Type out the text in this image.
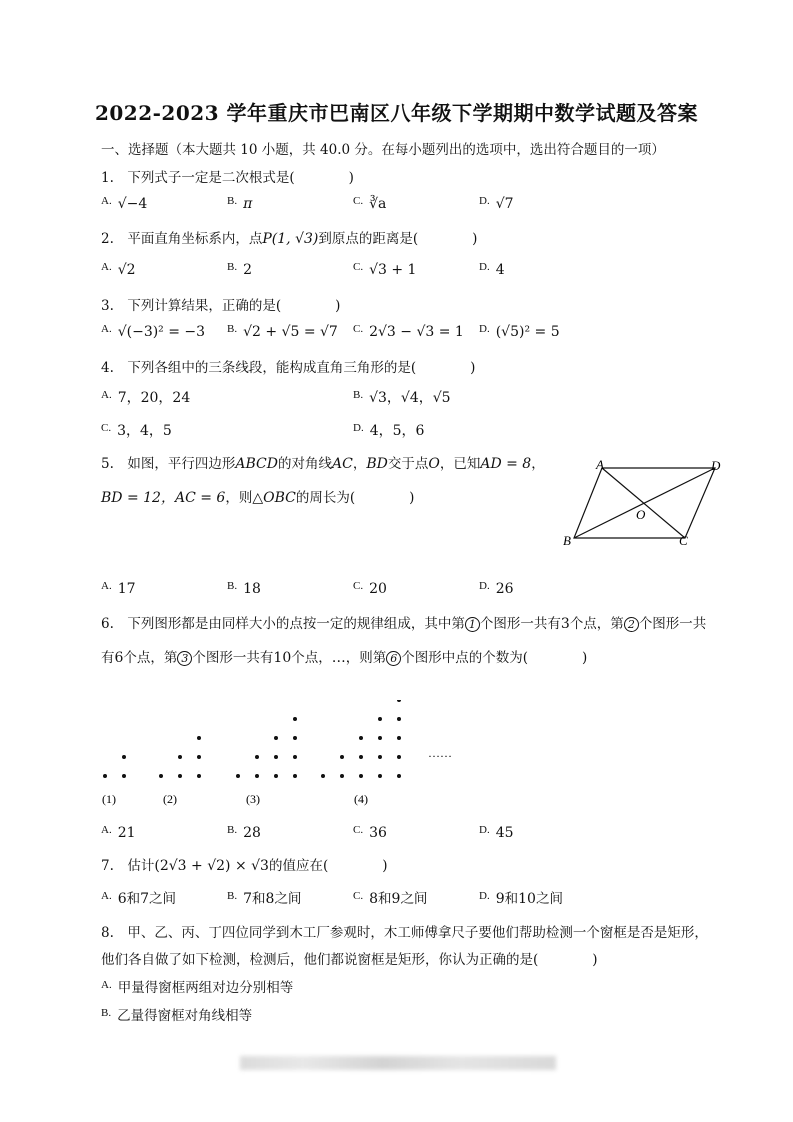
2022-2023 学年重庆市巴南区八年级下学期期中数学试题及答案
一、选择题（本大题共 10 小题，共 40.0 分。在每小题列出的选项中，选出符合题目的一项）
1.　下列式子一定是二次根式是(　　　　)
$^{A.}$ √−4	$^{B.}$ π	$^{C.}$ ∛a	$^{D.}$ √7
2.　平面直角坐标系内，点P(1, √3)到原点的距离是(　　　　)
$^{A.}$ √2	$^{B.}$ 2	$^{C.}$ √3 + 1	$^{D.}$ 4
3.　下列计算结果，正确的是(　　　　)
$^{A.}$ √(−3)² = −3 $^{B.}$ √2 + √5 = √7 $^{C.}$ 2√3 − √3 = 1 $^{D.}$ (√5)² = 5
4.　下列各组中的三条线段，能构成直角三角形的是(　　　　)
$^{A.}$ 7，20，24	$^{B.}$ √3，√4，√5
$^{C.}$ 3，4，5	$^{D.}$ 4，5，6
5.　如图，平行四边形ABCD的对角线AC，BD交于点O，已知AD = 8，
BD = 12，AC = 6，则△OBC的周长为(　　　　)
A	D
B	C
O
$^{A.}$ 17	$^{B.}$ 18	$^{C.}$ 20	$^{D.}$ 26
6.　下列图形都是由同样大小的点按一定的规律组成，其中第 1 个图形一共有3个点，第 2 个图形一共
有6个点，第 3 个图形一共有10个点，…，则第 6 个图形中点的个数为(　　　　)
(1)	(2)	(3)	(4)
……
$^{A.}$ 21	$^{B.}$ 28	$^{C.}$ 36	$^{D.}$ 45
7.　估计(2√3 + √2) × √3的值应在(　　　　)
$^{A.}$ 6和7之间	$^{B.}$ 7和8之间	$^{C.}$ 8和9之间	$^{D.}$ 9和10之间
8.　甲、乙、丙、丁四位同学到木工厂参观时，木工师傅拿尺子要他们帮助检测一个窗框是否是矩形，
他们各自做了如下检测，检测后，他们都说窗框是矩形，你认为正确的是(　　　　)
$^{A.}$ 甲量得窗框两组对边分别相等
$^{B.}$ 乙量得窗框对角线相等
